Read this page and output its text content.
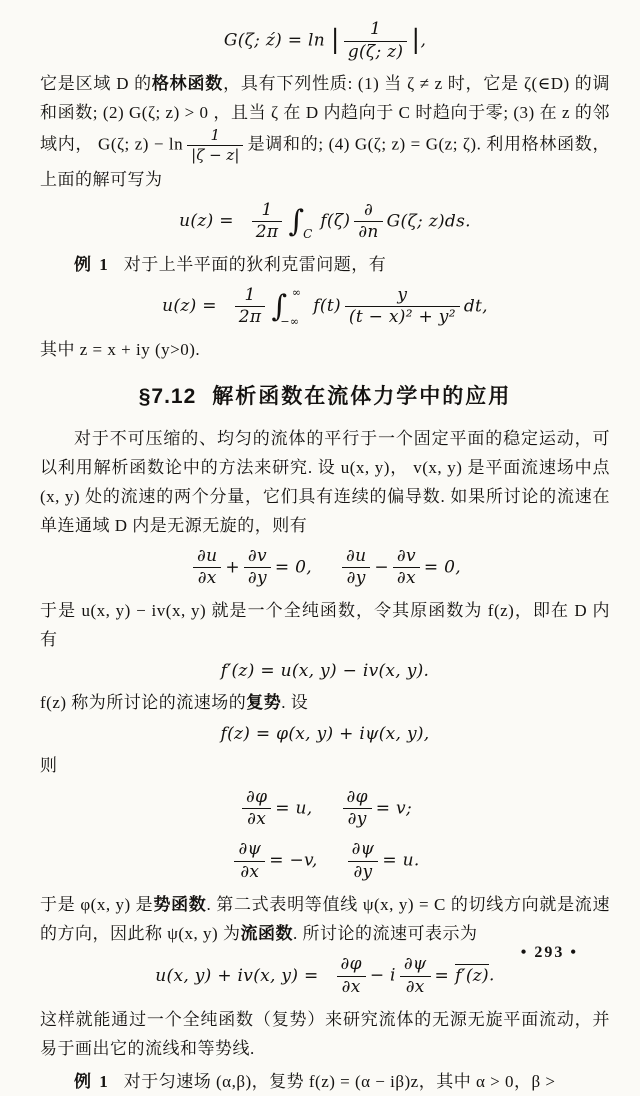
G(ζ; ź) = ln | $\frac{1}{g(\zeta; z)}$ |,
它是区域 D 的格林函数，具有下列性质: (1) 当 ζ ≠ z 时，它是 ζ(∈D) 的调和函数; (2) G(ζ; z) > 0 ，且当 ζ 在 D 内趋向于 C 时趋向于零; (3) 在 z 的邻域内， G(ζ; $z) - \ln \frac{1}{|\zeta - z|}$ 是调和的; (4) G(ζ; z) = G(z; ζ). 利用格林函数，上面的解可写为
$u(z) = \frac{1}{2\pi}$ ∫
C
$f(\zeta) \frac{\partial}{\partial n} G(\zeta$; z)ds.
例 1 对于上半平面的狄利克雷问题，有
$u(z) = \frac{1}{2\pi}$ ∫ ∞
−∞
$f(t) \frac{y}{\text{(t − x)² + y²}}$ dt,
其中 z = x + iy (y>0).
§7.12 解析函数在流体力学中的应用
对于不可压缩的、均匀的流体的平行于一个固定平面的稳定运动，可以利用解析函数论中的方法来研究. 设 u(x, y)， v(x, y) 是平面流速场中点 (x, y) 处的流速的两个分量，它们具有连续的偏导数. 如果所讨论的流速在单连通域 D 内是无源无旋的，则有
$\frac{\partial u}{\partial x} + \frac{\partial v}{\partial y} = 0$, $\frac{\partial u}{\partial y} - \frac{\partial v}{\partial x} = 0$,
于是 u(x, y) − iv(x, y) 就是一个全纯函数，令其原函数为 f(z)，即在 D 内有
f′(z) = u(x, y) − iv(x, y).
f(z) 称为所讨论的流速场的复势. 设
f(z) = φ(x, y) + iψ(x, y),
则
$\frac{\partial\varphi}{\partial x} = u$, $\frac{\partial\varphi}{\partial y} = v$;
$\frac{\partial\psi}{\partial x} = -v$, $\frac{\partial\psi}{\partial y} = u$.
于是 φ(x, y) 是势函数. 第二式表明等值线 ψ(x, y) = C 的切线方向就是流速的方向，因此称 ψ(x, y) 为流函数. 所讨论的流速可表示为
u(x, y) + iv(x, $y) = \frac{\partial\varphi}{\partial x} - i \frac{\partial\psi}{\partial x} = f'(z)$.
这样就能通过一个全纯函数（复势）来研究流体的无源无旋平面流动，并易于画出它的流线和等势线.
例 1 对于匀速场 (α,β)，复势 f(z) = (α − iβ)z，其中 α > 0，β >
• 293 •
